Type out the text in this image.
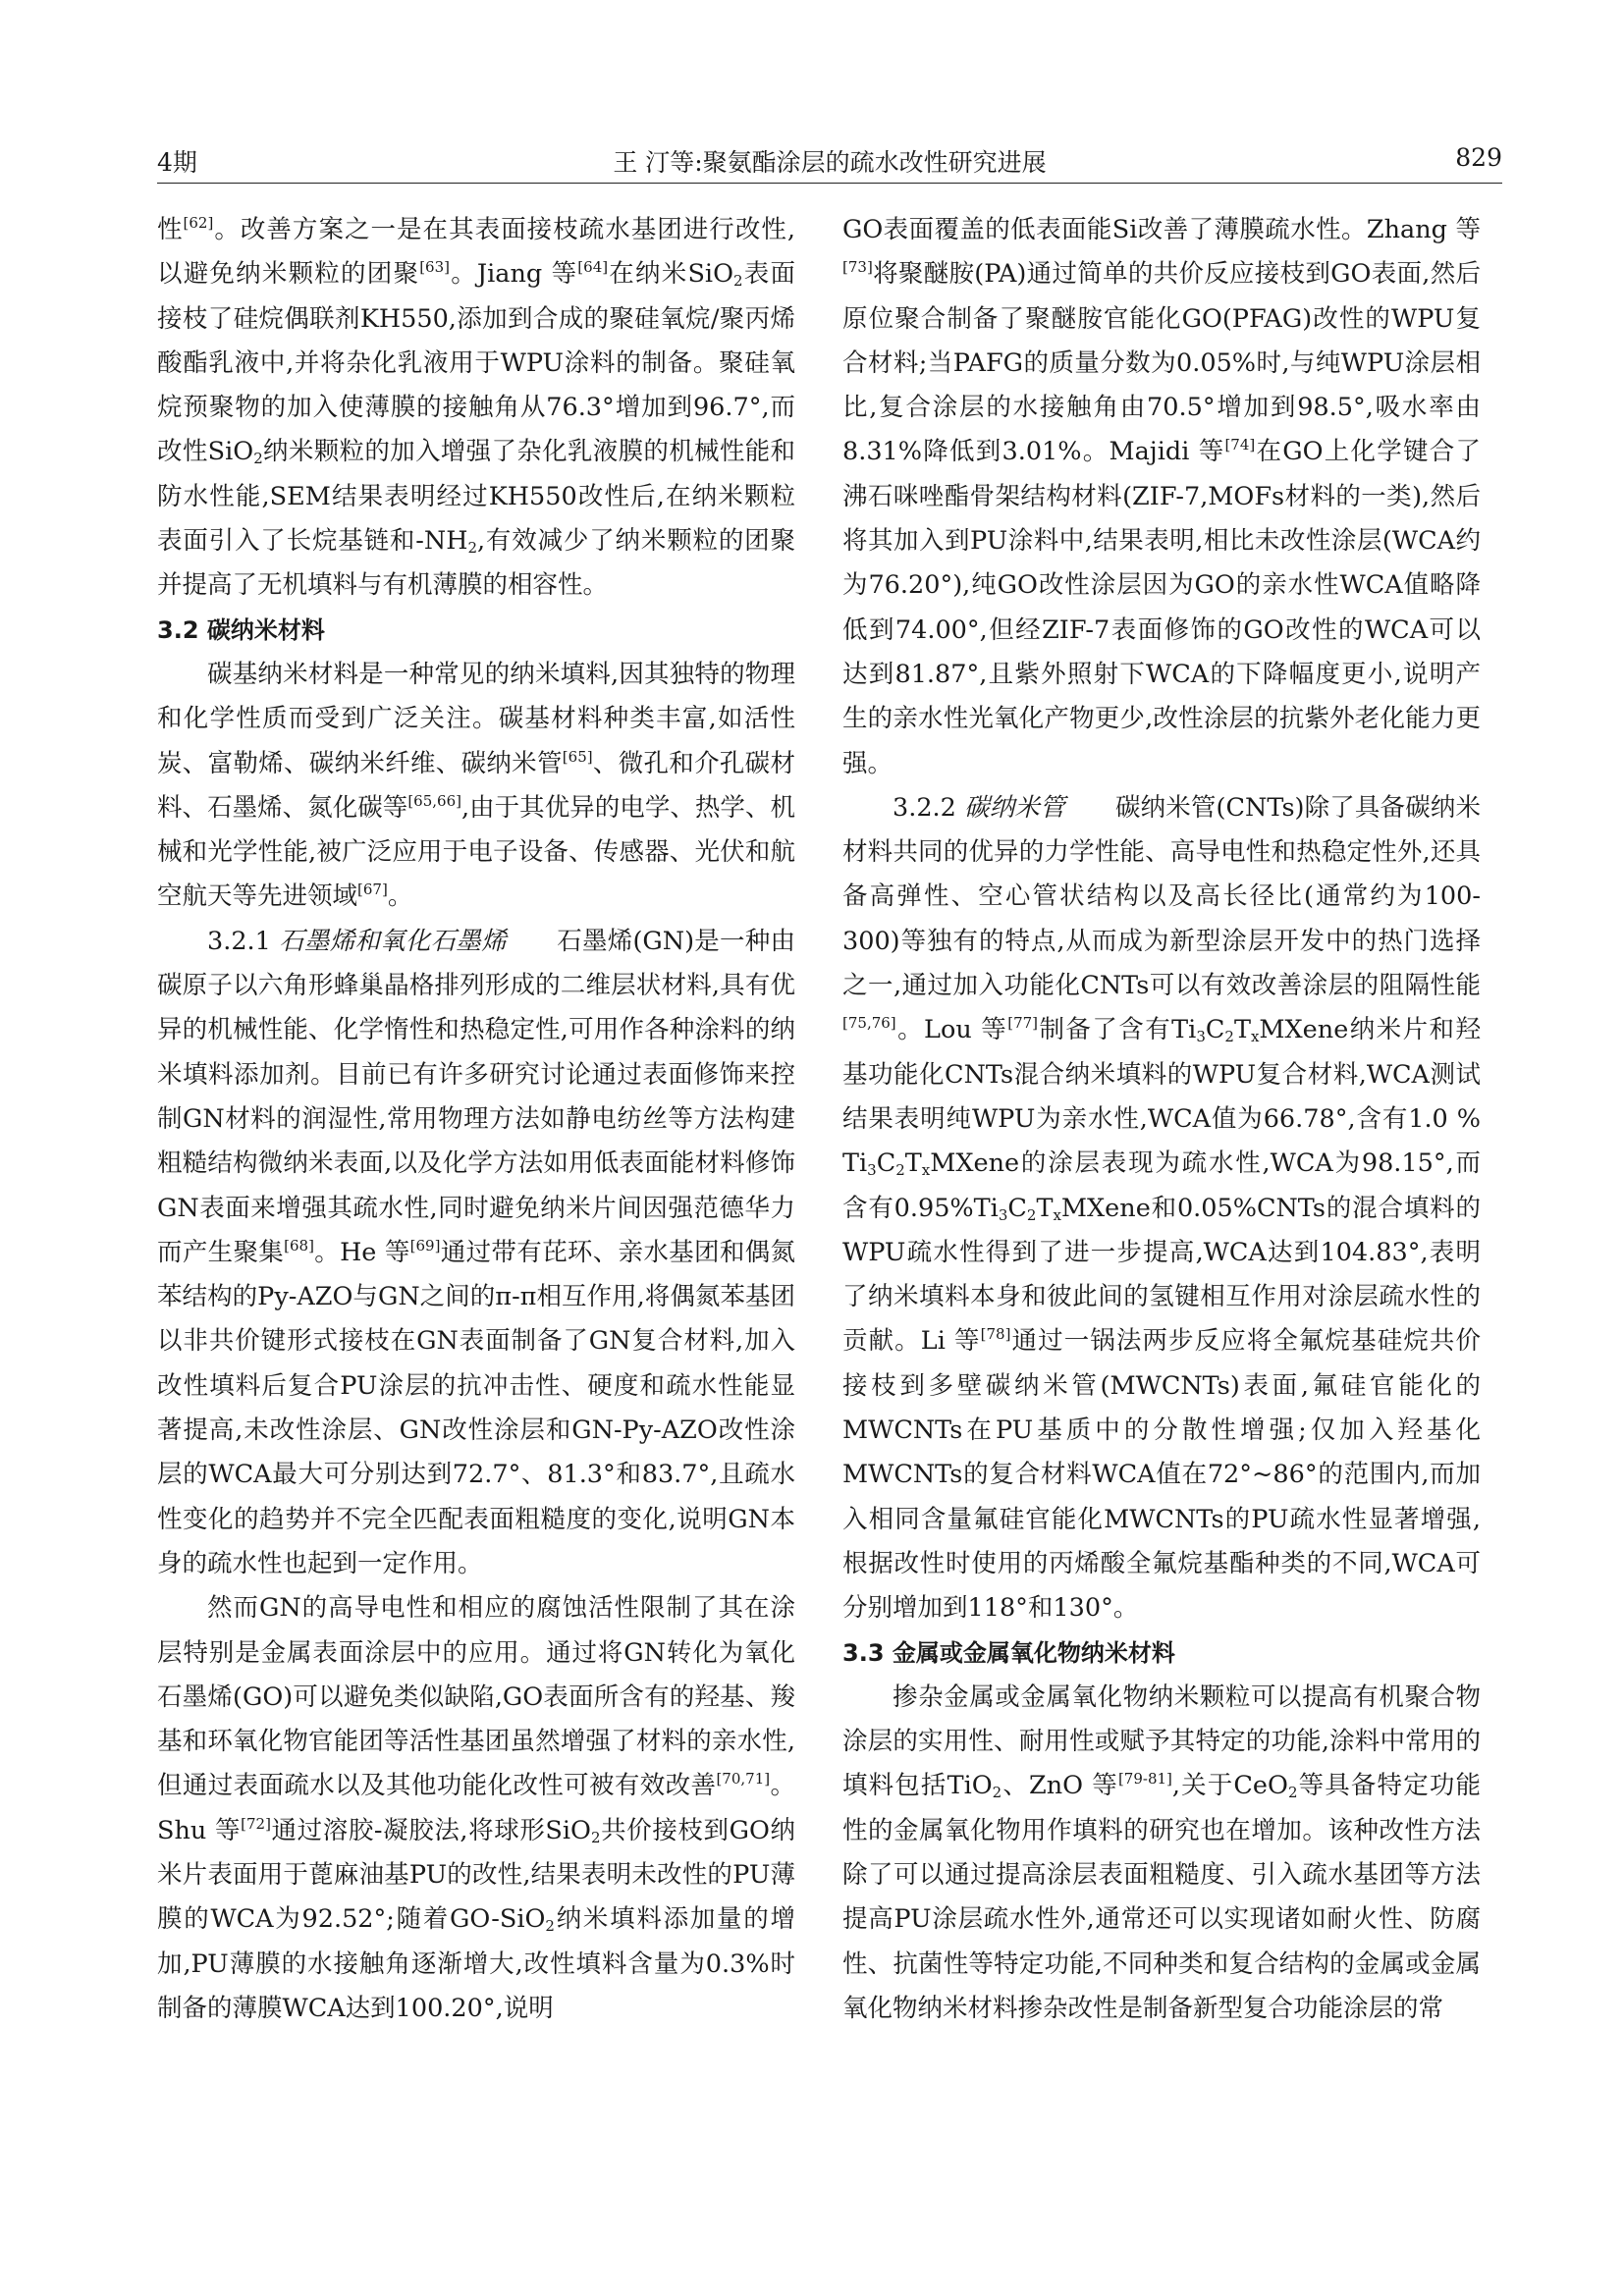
4期	王 汀等:聚氨酯涂层的疏水改性研究进展	829

性[62]。改善方案之一是在其表面接枝疏水基团进行改性,以避免纳米颗粒的团聚[63]。Jiang 等[64]在纳米SiO$_2$表面接枝了硅烷偶联剂KH550,添加到合成的聚硅氧烷/聚丙烯酸酯乳液中,并将杂化乳液用于WPU涂料的制备。聚硅氧烷预聚物的加入使薄膜的接触角从76.3°增加到96.7°,而改性SiO$_2$纳米颗粒的加入增强了杂化乳液膜的机械性能和防水性能,SEM结果表明经过KH550改性后,在纳米颗粒表面引入了长烷基链和$-NH_2$,有效减少了纳米颗粒的团聚并提高了无机填料与有机薄膜的相容性。

3.2 碳纳米材料

碳基纳米材料是一种常见的纳米填料,因其独特的物理和化学性质而受到广泛关注。碳基材料种类丰富,如活性炭、富勒烯、碳纳米纤维、碳纳米管[65]、微孔和介孔碳材料、石墨烯、氮化碳等[65,66],由于其优异的电学、热学、机械和光学性能,被广泛应用于电子设备、传感器、光伏和航空航天等先进领域[67]。

3.2.1 石墨烯和氧化石墨烯　　石墨烯(GN)是一种由碳原子以六角形蜂巢晶格排列形成的二维层状材料,具有优异的机械性能、化学惰性和热稳定性,可用作各种涂料的纳米填料添加剂。目前已有许多研究讨论通过表面修饰来控制GN材料的润湿性,常用物理方法如静电纺丝等方法构建粗糙结构微纳米表面,以及化学方法如用低表面能材料修饰GN表面来增强其疏水性,同时避免纳米片间因强范德华力而产生聚集[68]。He 等[69]通过带有芘环、亲水基团和偶氮苯结构的Py-AZO与GN之间的π-π相互作用,将偶氮苯基团以非共价键形式接枝在GN表面制备了GN复合材料,加入改性填料后复合PU涂层的抗冲击性、硬度和疏水性能显著提高,未改性涂层、GN改性涂层和GN-Py-AZO改性涂层的WCA最大可分别达到72.7°、81.3°和83.7°,且疏水性变化的趋势并不完全匹配表面粗糙度的变化,说明GN本身的疏水性也起到一定作用。

然而GN的高导电性和相应的腐蚀活性限制了其在涂层特别是金属表面涂层中的应用。通过将GN转化为氧化石墨烯(GO)可以避免类似缺陷,GO表面所含有的羟基、羧基和环氧化物官能团等活性基团虽然增强了材料的亲水性,但通过表面疏水以及其他功能化改性可被有效改善[70,71]。Shu 等[72]通过溶胶-凝胶法,将球形SiO$_2$共价接枝到GO纳米片表面用于蓖麻油基PU的改性,结果表明未改性的PU薄膜的WCA为92.52°;随着GO-SiO$_2$纳米填料添加量的增加,PU薄膜的水接触角逐渐增大,改性填料含量为0.3%时制备的薄膜WCA达到100.20°,说明

GO表面覆盖的低表面能Si改善了薄膜疏水性。Zhang 等[73]将聚醚胺(PA)通过简单的共价反应接枝到GO表面,然后原位聚合制备了聚醚胺官能化GO(PFAG)改性的WPU复合材料;当PAFG的质量分数为0.05%时,与纯WPU涂层相比,复合涂层的水接触角由70.5°增加到98.5°,吸水率由8.31%降低到3.01%。Majidi 等[74]在GO上化学键合了沸石咪唑酯骨架结构材料(ZIF-7,MOFs材料的一类),然后将其加入到PU涂料中,结果表明,相比未改性涂层(WCA约为76.20°),纯GO改性涂层因为GO的亲水性WCA值略降低到74.00°,但经ZIF-7表面修饰的GO改性的WCA可以达到81.87°,且紫外照射下WCA的下降幅度更小,说明产生的亲水性光氧化产物更少,改性涂层的抗紫外老化能力更强。

3.2.2 碳纳米管　　碳纳米管(CNTs)除了具备碳纳米材料共同的优异的力学性能、高导电性和热稳定性外,还具备高弹性、空心管状结构以及高长径比(通常约为100-300)等独有的特点,从而成为新型涂层开发中的热门选择之一,通过加入功能化CNTs可以有效改善涂层的阻隔性能[75,76]。Lou 等[77]制备了含有$Ti_3C_2T_xMXene$纳米片和羟基功能化CNTs混合纳米填料的WPU复合材料,WCA测试结果表明纯WPU为亲水性,WCA值为66.78°,含有1.0 % $Ti_3C_2T_xMXene$的涂层表现为疏水性,WCA为98.15°,而含有$0.95\%Ti_3C_2T_xMXene$和0.05%CNTs的混合填料的WPU疏水性得到了进一步提高,WCA达到104.83°,表明了纳米填料本身和彼此间的氢键相互作用对涂层疏水性的贡献。Li 等[78]通过一锅法两步反应将全氟烷基硅烷共价接枝到多壁碳纳米管(MWCNTs)表面,氟硅官能化的MWCNTs在PU基质中的分散性增强;仅加入羟基化MWCNTs的复合材料WCA值在72°~86°的范围内,而加入相同含量氟硅官能化MWCNTs的PU疏水性显著增强,根据改性时使用的丙烯酸全氟烷基酯种类的不同,WCA可分别增加到118°和130°。

3.3 金属或金属氧化物纳米材料

掺杂金属或金属氧化物纳米颗粒可以提高有机聚合物涂层的实用性、耐用性或赋予其特定的功能,涂料中常用的填料包括TiO$_2$、ZnO 等[79-81],关于CeO$_2$等具备特定功能性的金属氧化物用作填料的研究也在增加。该种改性方法除了可以通过提高涂层表面粗糙度、引入疏水基团等方法提高PU涂层疏水性外,通常还可以实现诸如耐火性、防腐性、抗菌性等特定功能,不同种类和复合结构的金属或金属氧化物纳米材料掺杂改性是制备新型复合功能涂层的常
